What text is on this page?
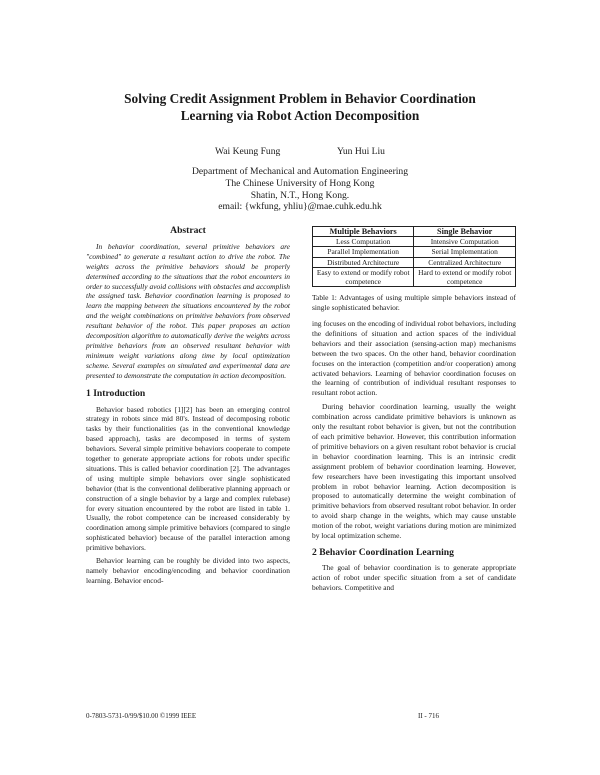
Solving Credit Assignment Problem in Behavior Coordination
Learning via Robot Action Decomposition
Wai Keung Fung	Yun Hui Liu
Department of Mechanical and Automation Engineering
The Chinese University of Hong Kong
Shatin, N.T., Hong Kong.
email: {wkfung, yhliu}@mae.cuhk.edu.hk
Abstract

In behavior coordination, several primitive behaviors are "combined" to generate a resultant action to drive the robot. The weights across the primitive behaviors should be properly determined according to the situations that the robot encounters in order to successfully avoid collisions with obstacles and accomplish the assigned task. Behavior coordination learning is proposed to learn the mapping between the situations encountered by the robot and the weight combinations on primitive behaviors from observed resultant behavior of the robot. This paper proposes an action decomposition algorithm to automatically derive the weights across primitive behaviors from an observed resultant behavior with minimum weight variations along time by local optimization scheme. Several examples on simulated and experimental data are presented to demonstrate the computation in action decomposition.

1 Introduction

Behavior based robotics [1][2] has been an emerging control strategy in robots since mid 80's. Instead of decomposing robotic tasks by their functionalities (as in the conventional knowledge based approach), tasks are decomposed in terms of system behaviors. Several simple primitive behaviors cooperate to compete together to generate appropriate actions for robots under specific situations. This is called behavior coordination [2]. The advantages of using multiple simple behaviors over single sophisticated behavior (that is the conventional deliberative planning approach or construction of a single behavior by a large and complex rulebase) for every situation encountered by the robot are listed in table 1. Usually, the robot competence can be increased considerably by coordination among simple primitive behaviors (compared to single sophisticated behavior) because of the parallel interaction among primitive behaviors.

Behavior learning can be roughly be divided into two aspects, namely behavior encoding/encoding and behavior coordination learning. Behavior encod-

Multiple Behaviors	Single Behavior
Less Computation	Intensive Computation
Parallel Implementation	Serial Implementation
Distributed Architecture	Centralized Architecture
Easy to extend or modify robot competence	Hard to extend or modify robot competence
Table 1: Advantages of using multiple simple behaviors instead of single sophisticated behavior.

ing focuses on the encoding of individual robot behaviors, including the definitions of situation and action spaces of the individual behaviors and their association (sensing-action map) mechanisms between the two spaces. On the other hand, behavior coordination focuses on the interaction (competition and/or cooperation) among activated behaviors. Learning of behavior coordination focuses on the learning of contribution of individual resultant responses to resultant robot action.

During behavior coordination learning, usually the weight combination across candidate primitive behaviors is unknown as only the resultant robot behavior is given, but not the contribution of each primitive behavior. However, this contribution information of primitive behaviors on a given resultant robot behavior is crucial in behavior coordination learning. This is an intrinsic credit assignment problem of behavior coordination learning. However, few researchers have been investigating this important unsolved problem in robot behavior learning. Action decomposition is proposed to automatically determine the weight combination of primitive behaviors from observed resultant robot behavior. In order to avoid sharp change in the weights, which may cause unstable motion of the robot, weight variations during motion are minimized by local optimization scheme.

2 Behavior Coordination Learning

The goal of behavior coordination is to generate appropriate action of robot under specific situation from a set of candidate behaviors. Competitive and

0-7803-5731-0/99/$10.00 ©1999 IEEE	II - 716
